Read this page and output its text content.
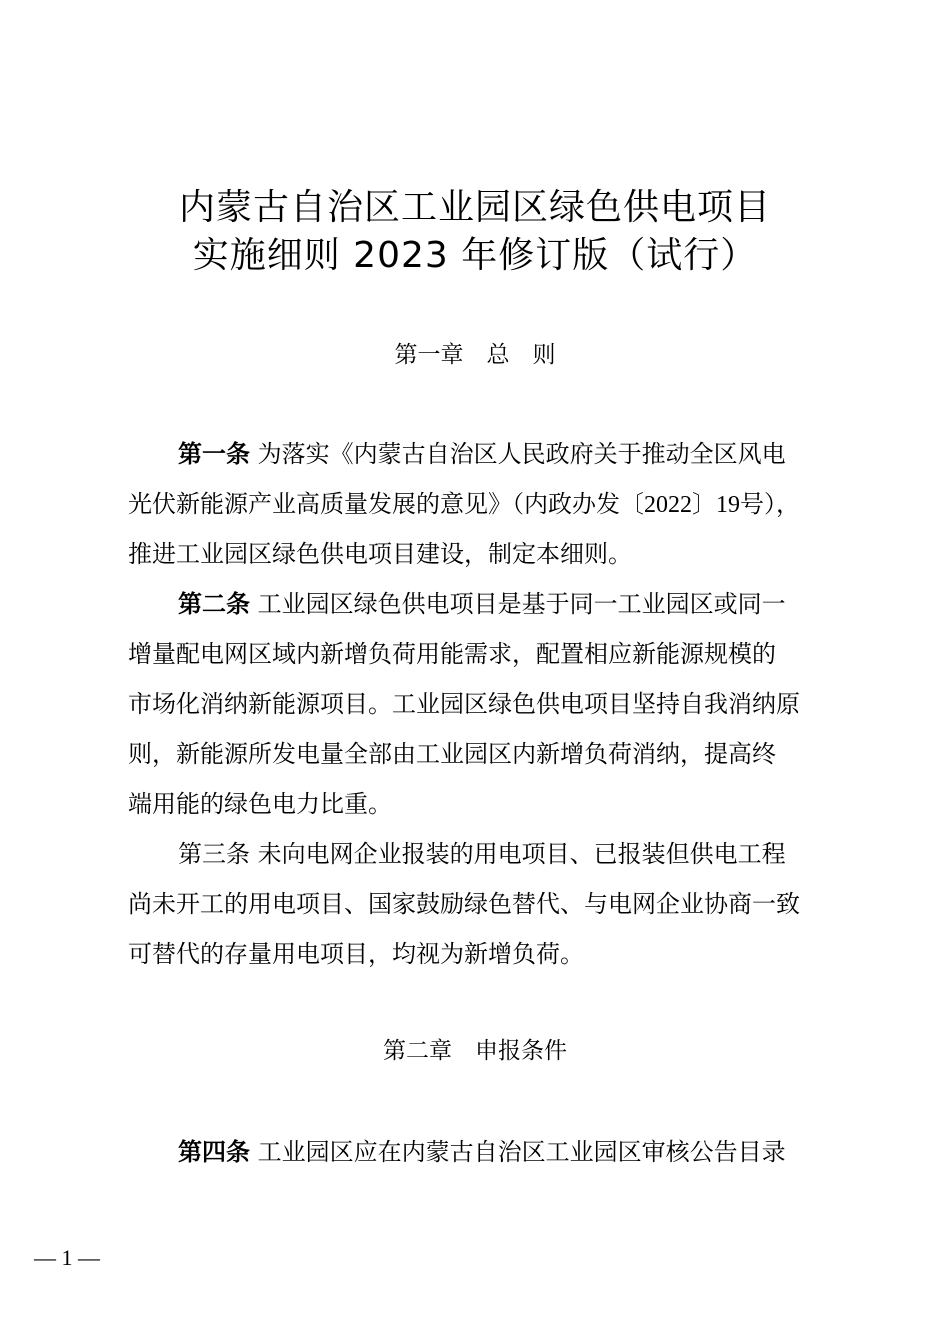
内蒙古自治区工业园区绿色供电项目
实施细则 2023 年修订版（试行）
第一章　总　则
第一条 为落实《内蒙古自治区人民政府关于推动全区风电
光伏新能源产业高质量发展的意见》（内政办发〔2022〕19号），
推进工业园区绿色供电项目建设，制定本细则。
第二条 工业园区绿色供电项目是基于同一工业园区或同一
增量配电网区域内新增负荷用能需求，配置相应新能源规模的
市场化消纳新能源项目。工业园区绿色供电项目坚持自我消纳原
则，新能源所发电量全部由工业园区内新增负荷消纳，提高终
端用能的绿色电力比重。
第三条 未向电网企业报装的用电项目、已报装但供电工程
尚未开工的用电项目、国家鼓励绿色替代、与电网企业协商一致
可替代的存量用电项目，均视为新增负荷。
第二章　申报条件
第四条 工业园区应在内蒙古自治区工业园区审核公告目录
— 1 —
